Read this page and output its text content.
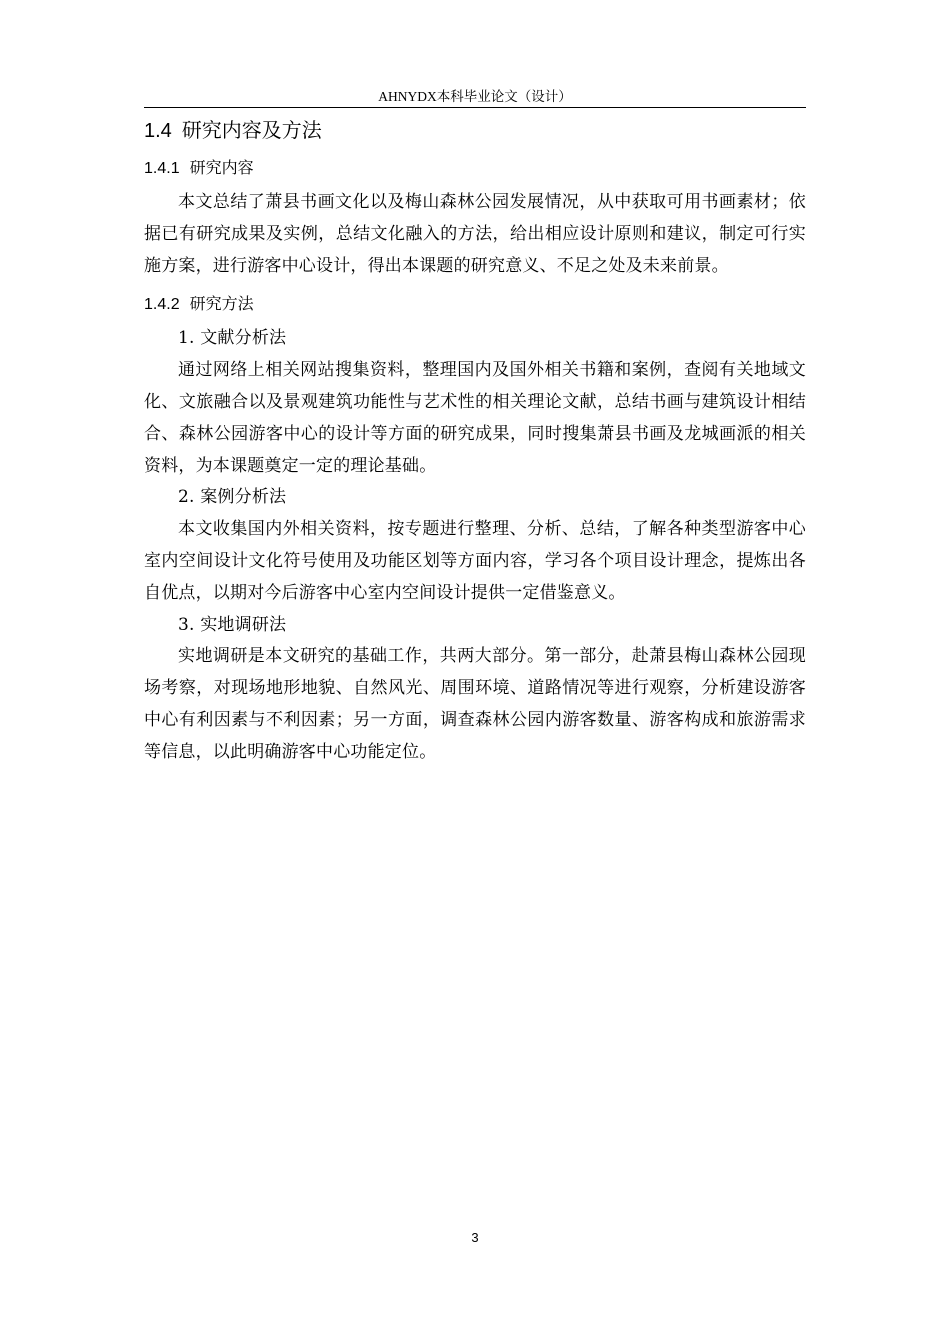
AHNYDX本科毕业论文（设计）
1.4 研究内容及方法
1.4.1 研究内容

本文总结了萧县书画文化以及梅山森林公园发展情况，从中获取可用书画素材；依据已有研究成果及实例，总结文化融入的方法，给出相应设计原则和建议，制定可行实施方案，进行游客中心设计，得出本课题的研究意义、不足之处及未来前景。

1.4.2 研究方法

1. 文献分析法

通过网络上相关网站搜集资料，整理国内及国外相关书籍和案例，查阅有关地域文化、文旅融合以及景观建筑功能性与艺术性的相关理论文献，总结书画与建筑设计相结合、森林公园游客中心的设计等方面的研究成果，同时搜集萧县书画及龙城画派的相关资料，为本课题奠定一定的理论基础。

2. 案例分析法

本文收集国内外相关资料，按专题进行整理、分析、总结，了解各种类型游客中心室内空间设计文化符号使用及功能区划等方面内容，学习各个项目设计理念，提炼出各自优点，以期对今后游客中心室内空间设计提供一定借鉴意义。

3. 实地调研法

实地调研是本文研究的基础工作，共两大部分。第一部分，赴萧县梅山森林公园现场考察，对现场地形地貌、自然风光、周围环境、道路情况等进行观察，分析建设游客中心有利因素与不利因素；另一方面，调查森林公园内游客数量、游客构成和旅游需求等信息，以此明确游客中心功能定位。

3
